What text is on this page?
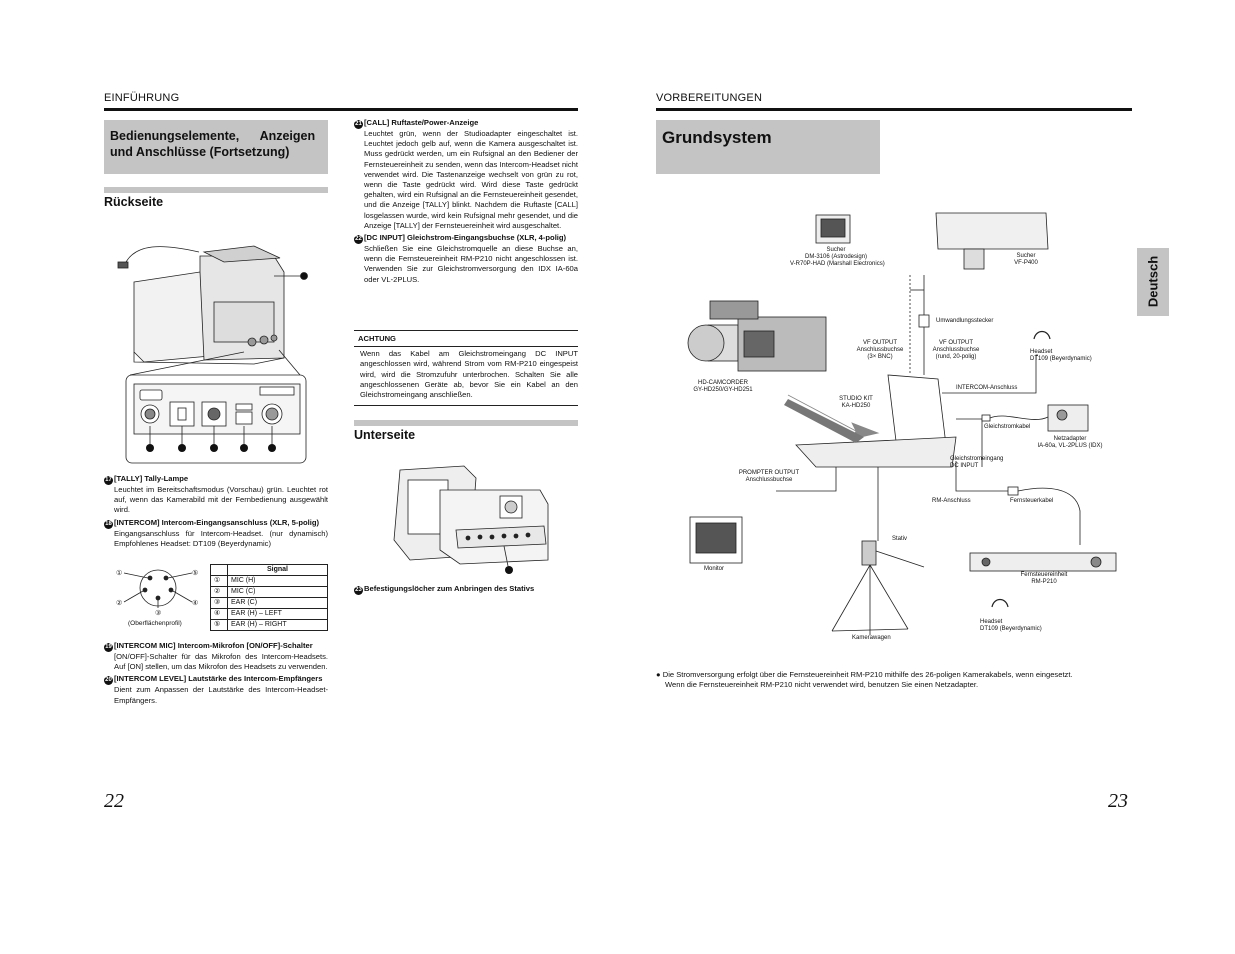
EINFÜHRUNG
Bedienungselemente,      Anzeigen
und Anschlüsse (Fortsetzung)
Rückseite
17 [TALLY] Tally-Lampe
Leuchtet im Bereitschaftsmodus (Vorschau) grün. Leuchtet rot auf, wenn das Kamerabild mit der Fernbedienung ausgewählt wird.
18 [INTERCOM] Intercom-Eingangsanschluss (XLR, 5-polig)
Eingangsanschluss für Intercom-Headset. (nur dynamisch) Empfohlenes Headset: DT109 (Beyerdynamic)
①	⑤
②	④
③
(Oberflächenprofil)
	Signal
①	MIC (H)
②	MIC (C)
③	EAR (C)
④	EAR (H) – LEFT
⑤	EAR (H) – RIGHT
19 [INTERCOM MIC] Intercom-Mikrofon [ON/OFF]-Schalter
[ON/OFF]-Schalter für das Mikrofon des Intercom-Headsets. Auf [ON] stellen, um das Mikrofon des Headsets zu verwenden.
20 [INTERCOM LEVEL] Lautstärke des Intercom-Empfängers
Dient zum Anpassen der Lautstärke des Intercom-Headset-Empfängers.
22
21 [CALL] Ruftaste/Power-Anzeige
Leuchtet grün, wenn der Studioadapter eingeschaltet ist. Leuchtet jedoch gelb auf, wenn die Kamera ausgeschaltet ist. Muss gedrückt werden, um ein Rufsignal an den Bediener der Fernsteuereinheit zu senden, wenn das Intercom-Headset nicht verwendet wird. Die Tastenanzeige wechselt von grün zu rot, wenn die Taste gedrückt wird. Wird diese Taste gedrückt gehalten, wird ein Rufsignal an die Fernsteuereinheit gesendet, und die Anzeige [TALLY] blinkt. Nachdem die Ruftaste [CALL] losgelassen wurde, wird kein Rufsignal mehr gesendet, und die Anzeige [TALLY] der Fernsteuereinheit wird ausgeschaltet.
22 [DC INPUT] Gleichstrom-Eingangsbuchse (XLR, 4-polig)
Schließen Sie eine Gleichstromquelle an diese Buchse an, wenn die Fernsteuereinheit RM-P210 nicht angeschlossen ist. Verwenden Sie zur Gleichstromversorgung den IDX IA-60a oder VL-2PLUS.
ACHTUNG
Wenn das Kabel am Gleichstromeingang DC INPUT angeschlossen wird, während Strom vom RM-P210 eingespeist wird, wird die Stromzufuhr unterbrochen. Schalten Sie alle angeschlossenen Geräte ab, bevor Sie ein Kabel an den Gleichstromeingang anschließen.
Unterseite
23 Befestigungslöcher zum Anbringen des Stativs
VORBEREITUNGEN
Grundsystem
Deutsch
Sucher
DM-3106 (Astrodesign)
V-R70P-HAD (Marshall Electronics)
Sucher
VF-P400
Umwandlungsstecker
VF OUTPUT
Anschlussbuchse
(3× BNC)
VF OUTPUT
Anschlussbuchse
(rund, 20-polig)
Headset
DT109 (Beyerdynamic)
INTERCOM-Anschluss
HD-CAMCORDER
GY-HD250/GY-HD251
STUDIO KIT
KA-HD250
Gleichstromkabel
Netzadapter
IA-60a, VL-2PLUS (IDX)
Gleichstromeingang
DC INPUT
PROMPTER OUTPUT
Anschlussbuchse
RM-Anschluss	Fernsteuerkabel
Monitor
Stativ
Fernsteuereinheit
RM-P210
Headset
DT109 (Beyerdynamic)
Kamerawagen
● Die Stromversorgung erfolgt über die Fernsteuereinheit RM-P210 mithilfe des 26-poligen Kamerakabels, wenn eingesetzt.
Wenn die Fernsteuereinheit RM-P210 nicht verwendet wird, benutzen Sie einen Netzadapter.
23
